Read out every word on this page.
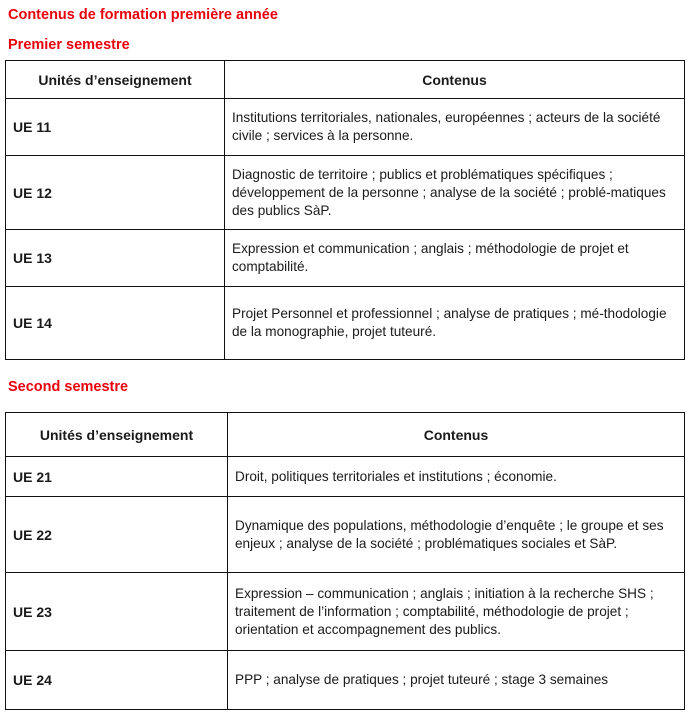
Contenus de formation première année
Premier semestre
Unités d’enseignement	Contenus
UE 11	Institutions territoriales, nationales, européennes ; acteurs de la société civile ; services à la personne.
UE 12	Diagnostic de territoire ; publics et problématiques spécifiques ; développement de la personne ; analyse de la société ; problé-matiques des publics SàP.
UE 13	Expression et communication ; anglais ; méthodologie de projet et comptabilité.
UE 14	Projet Personnel et professionnel ; analyse de pratiques ; mé-thodologie de la monographie, projet tuteuré.
Second semestre
Unités d’enseignement	Contenus
UE 21	Droit, politiques territoriales et institutions ; économie.
UE 22	Dynamique des populations, méthodologie d’enquête ; le groupe et ses enjeux ; analyse de la société ; problématiques sociales et SàP.
UE 23	Expression – communication ; anglais ; initiation à la recherche SHS ; traitement de l’information ; comptabilité, méthodologie de projet ; orientation et accompagnement des publics.
UE 24	PPP ; analyse de pratiques ; projet tuteuré ; stage 3 semaines
